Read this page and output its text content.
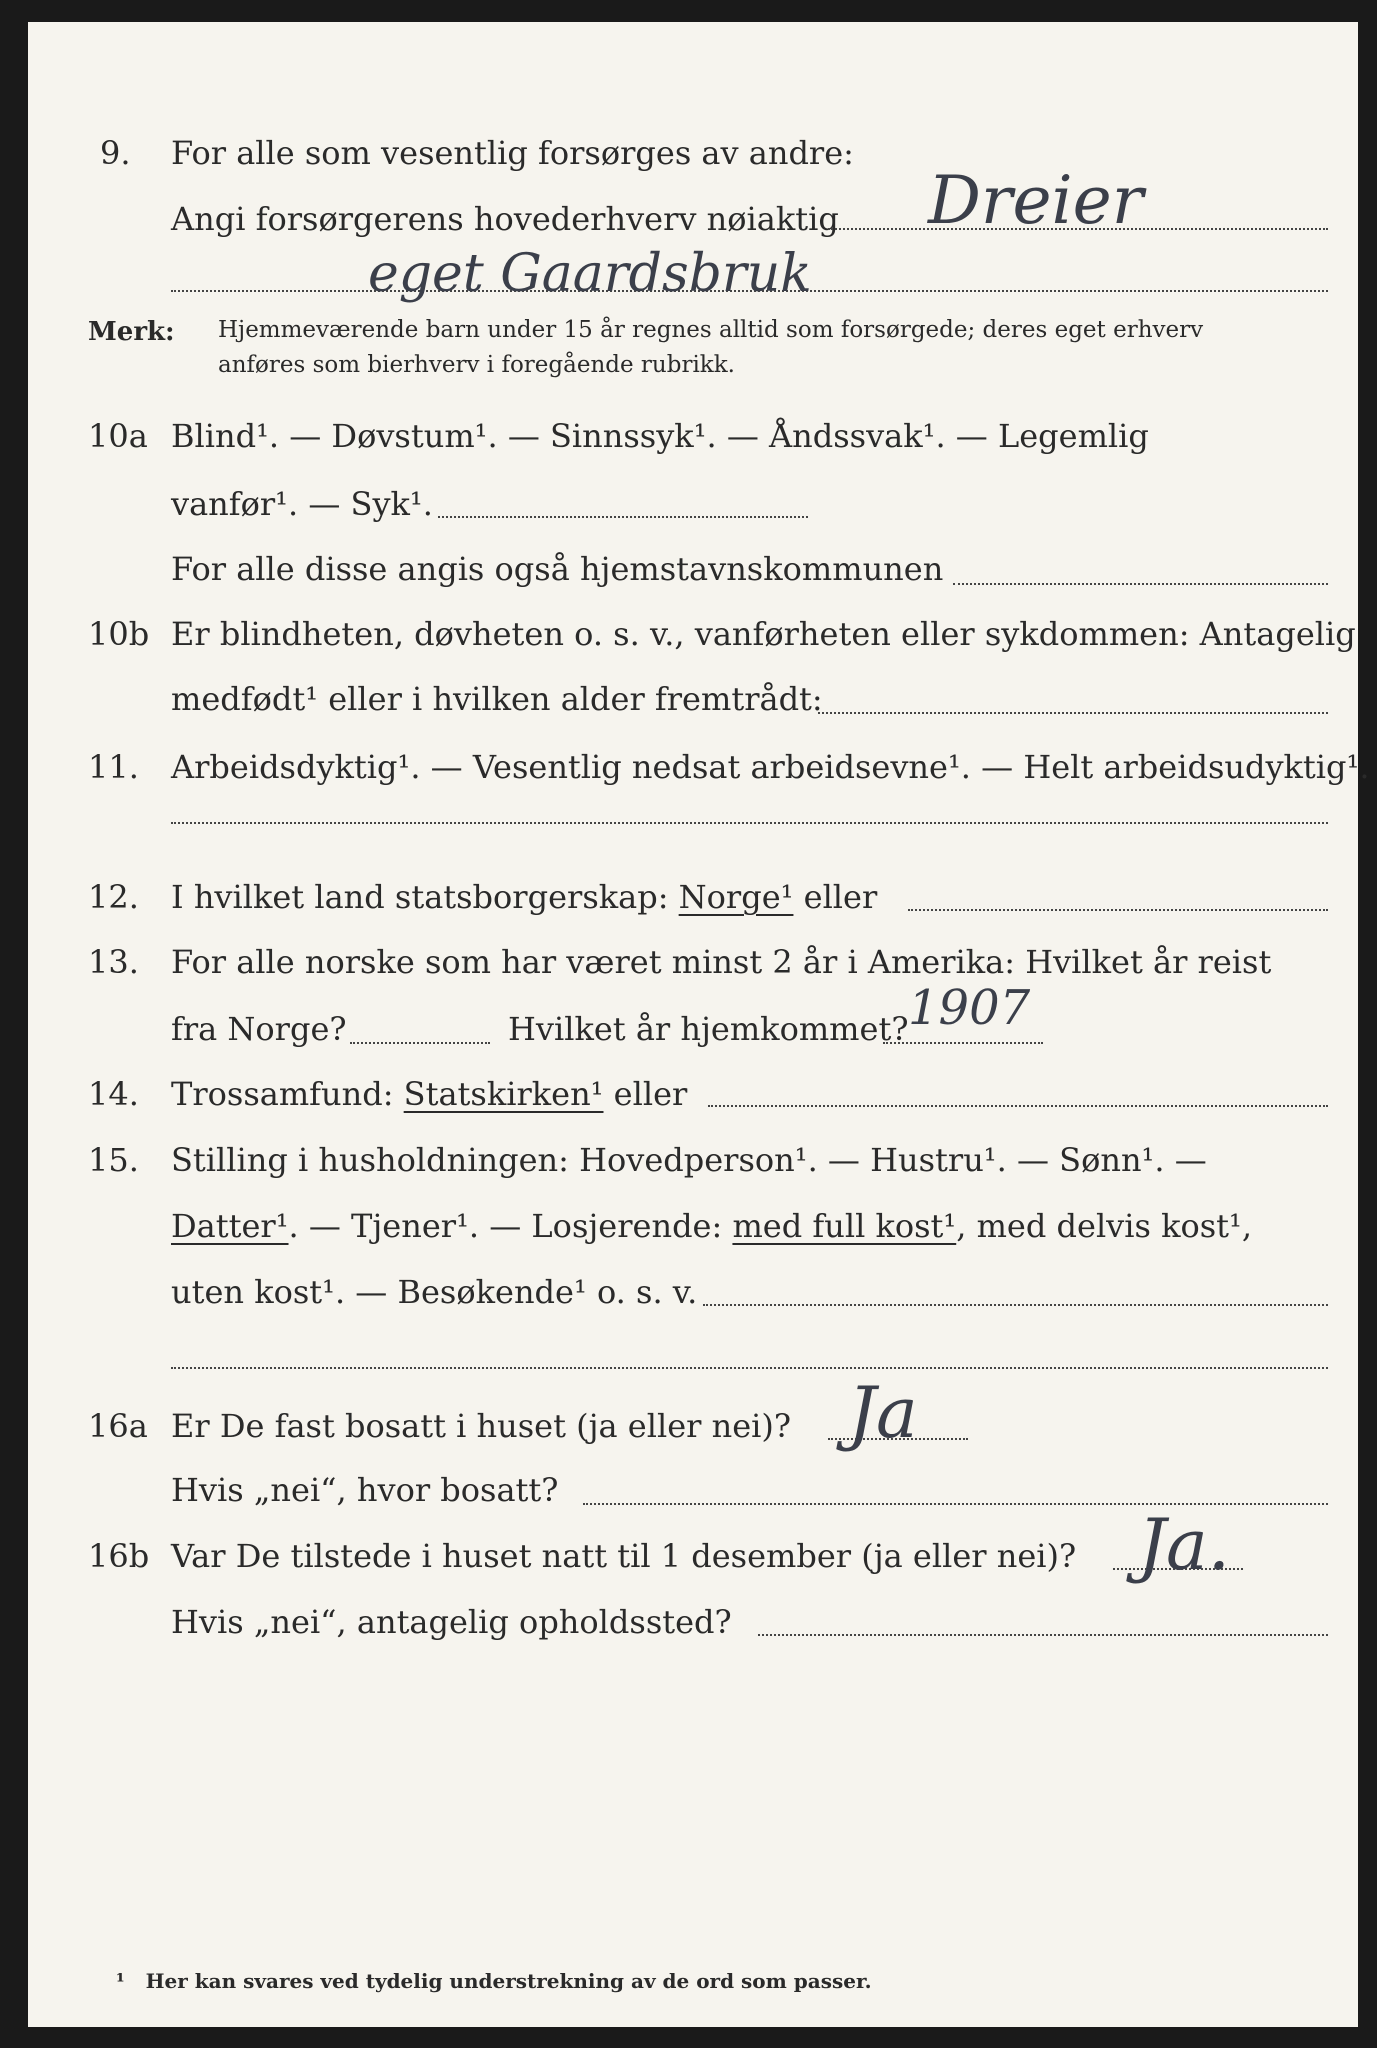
9. For alle som vesentlig forsørges av andre:
Angi forsørgerens hovederhverv nøiaktig Dreier
eget Gaardsbruk
Merk: Hjemmeværende barn under 15 år regnes alltid som forsørgede; deres eget erhverv
anføres som bierhverv i foregående rubrikk.
10a Blind¹. — Døvstum¹. — Sinnssyk¹. — Åndssvak¹. — Legemlig
vanfør¹. — Syk¹.
For alle disse angis også hjemstavnskommunen
10b Er blindheten, døvheten o. s. v., vanførheten eller sykdommen: Antagelig
medfødt¹ eller i hvilken alder fremtrådt:
11. Arbeidsdyktig¹. — Vesentlig nedsat arbeidsevne¹. — Helt arbeidsudyktig¹.
12. I hvilket land statsborgerskap: Norge¹ eller
13. For alle norske som har været minst 2 år i Amerika: Hvilket år reist
fra Norge?	Hvilket år hjemkommet? 1907
14. Trossamfund: Statskirken¹ eller
15. Stilling i husholdningen: Hovedperson¹. — Hustru¹. — Sønn¹. —
Datter¹. — Tjener¹. — Losjerende: med full kost¹, med delvis kost¹,
uten kost¹. — Besøkende¹ o. s. v.
16a Er De fast bosatt i huset (ja eller nei)? Ja
Hvis „nei“, hvor bosatt?
16b Var De tilstede i huset natt til 1 desember (ja eller nei)? Ja.
Hvis „nei“, antagelig opholdssted?
¹ Her kan svares ved tydelig understrekning av de ord som passer.
